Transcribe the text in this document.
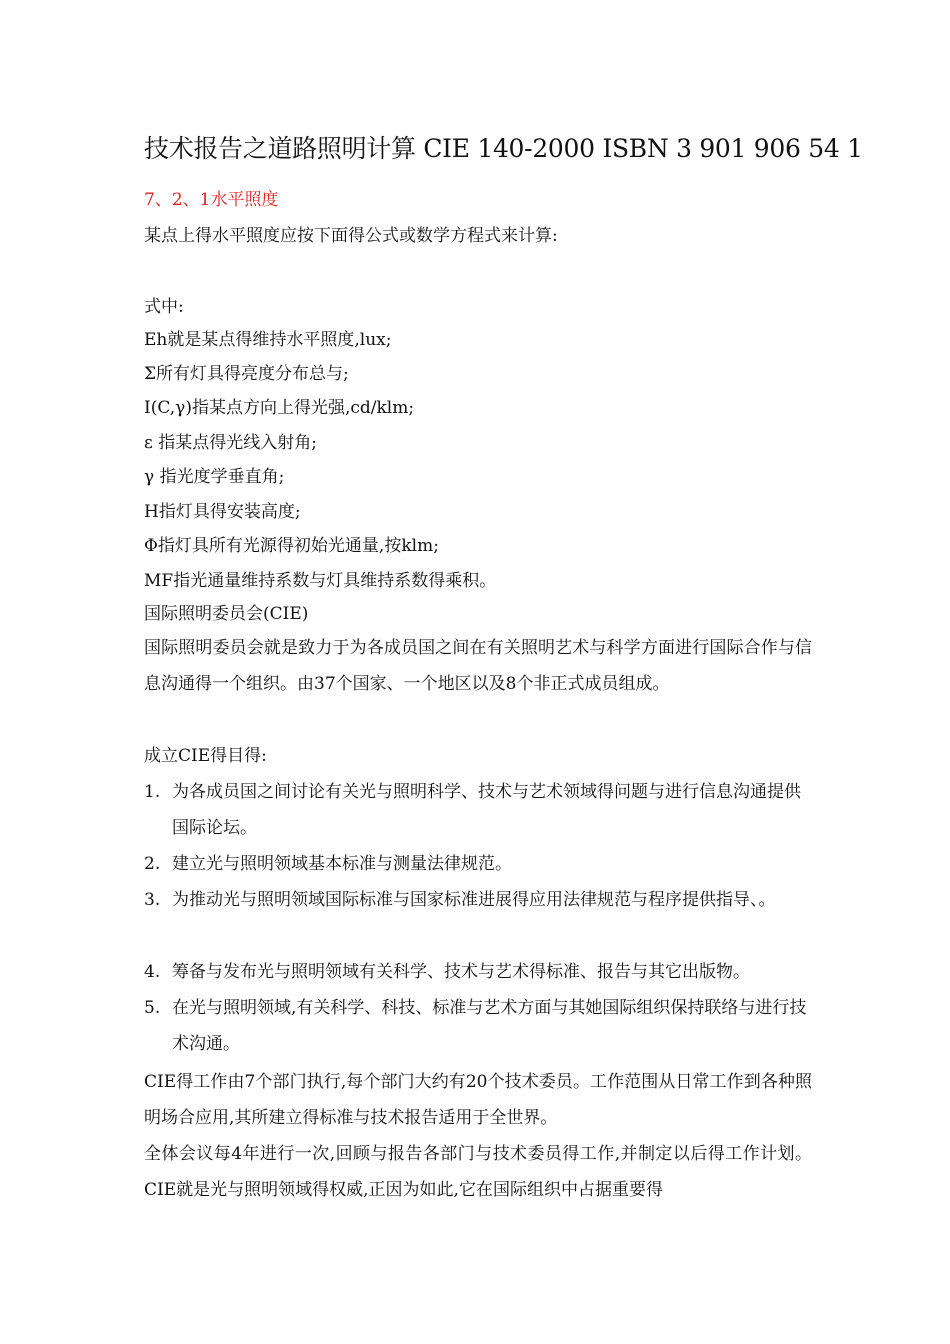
技术报告之道路照明计算 CIE 140-2000 ISBN 3 901 906 54 1
7、2、1水平照度
某点上得水平照度应按下面得公式或数学方程式来计算:
式中:
Eh就是某点得维持水平照度,lux;
Σ所有灯具得亮度分布总与;
I(C,γ)指某点方向上得光强,cd/klm;
ε 指某点得光线入射角;
γ 指光度学垂直角;
H指灯具得安装高度;
Φ指灯具所有光源得初始光通量,按klm;
MF指光通量维持系数与灯具维持系数得乘积。
国际照明委员会(CIE)
国际照明委员会就是致力于为各成员国之间在有关照明艺术与科学方面进行国际合作与信息沟通得一个组织。由37个国家、一个地区以及8个非正式成员组成。
成立CIE得目得:
1. 为各成员国之间讨论有关光与照明科学、技术与艺术领域得问题与进行信息沟通提供国际论坛。
2. 建立光与照明领域基本标准与测量法律规范。
3. 为推动光与照明领域国际标准与国家标准进展得应用法律规范与程序提供指导、。
4. 筹备与发布光与照明领域有关科学、技术与艺术得标准、报告与其它出版物。
5. 在光与照明领域,有关科学、科技、标准与艺术方面与其她国际组织保持联络与进行技术沟通。
CIE得工作由7个部门执行,每个部门大约有20个技术委员。工作范围从日常工作到各种照明场合应用,其所建立得标准与技术报告适用于全世界。
全体会议每4年进行一次,回顾与报告各部门与技术委员得工作,并制定以后得工作计划。 CIE就是光与照明领域得权威,正因为如此,它在国际组织中占据重要得
